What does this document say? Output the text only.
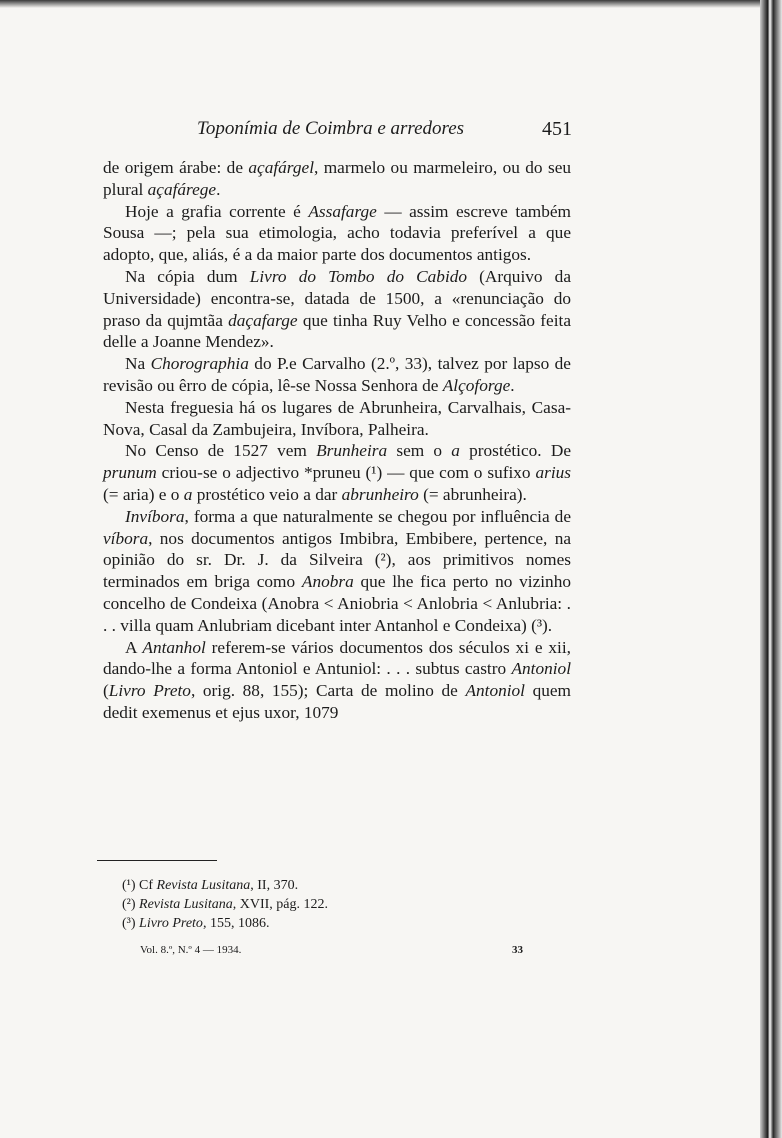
Toponímia de Coimbra e arredores	451

de origem árabe: de açafárgel, marmelo ou marmeleiro, ou do seu plural açafárege.

Hoje a grafia corrente é Assafarge — assim escreve também Sousa —; pela sua etimologia, acho todavia preferível a que adopto, que, aliás, é a da maior parte dos documentos antigos.

Na cópia dum Livro do Tombo do Cabido (Arquivo da Universidade) encontra-se, datada de 1500, a «renunciação do praso da qujmtãa daçafarge que tinha Ruy Velho e concessão feita delle a Joanne Mendez».

Na Chorographia do P.e Carvalho (2.º, 33), talvez por lapso de revisão ou êrro de cópia, lê-se Nossa Senhora de Alçoforge.

Nesta freguesia há os lugares de Abrunheira, Carvalhais, Casa-Nova, Casal da Zambujeira, Invíbora, Palheira.

No Censo de 1527 vem Brunheira sem o a prostético. De prunum criou-se o adjectivo *pruneu (¹) — que com o sufixo arius (= aria) e o a prostético veio a dar abrunheiro (= abrunheira).

Invíbora, forma a que naturalmente se chegou por influência de víbora, nos documentos antigos Imbibra, Embibere, pertence, na opinião do sr. Dr. J. da Silveira (²), aos primitivos nomes terminados em briga como Anobra que lhe fica perto no vizinho concelho de Condeixa (Anobra < Aniobria < Anlobria < Anlubria: . . . villa quam Anlubriam dicebant inter Antanhol e Condeixa) (³).

A Antanhol referem-se vários documentos dos séculos xi e xii, dando-lhe a forma Antoniol e Antuniol: . . . subtus castro Antoniol (Livro Preto, orig. 88, 155); Carta de molino de Antoniol quem dedit exemenus et ejus uxor, 1079

(¹) Cf Revista Lusitana, II, 370.

(²) Revista Lusitana, XVII, pág. 122.

(³) Livro Preto, 155, 1086.

Vol. 8.º, N.º 4 — 1934.	33
